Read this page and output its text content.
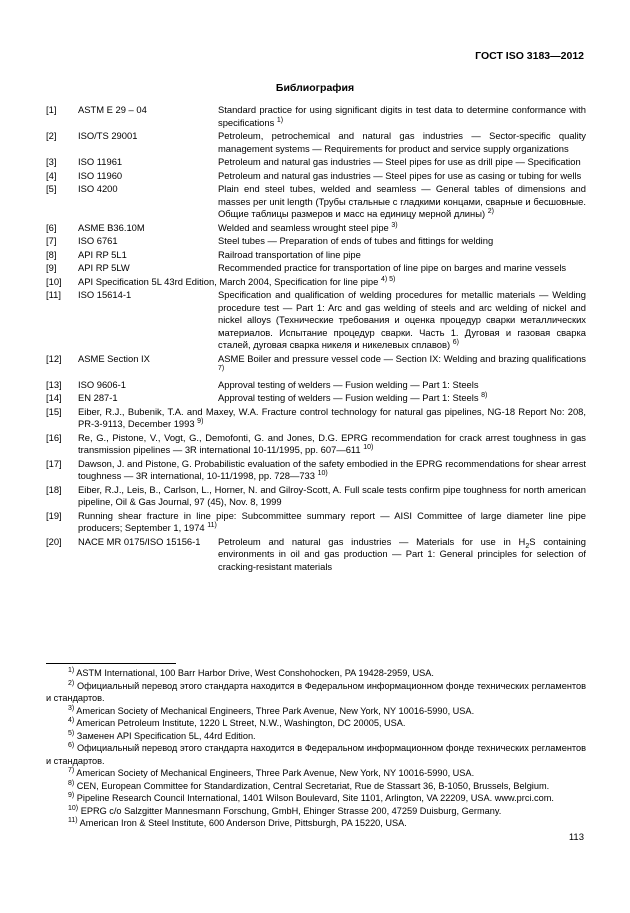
ГОСТ ISO 3183—2012
Библиография
[1]	ASTM E 29 – 04	Standard practice for using significant digits in test data to determine conformance with specifications $^{1)}$
[2]	ISO/TS 29001	Petroleum, petrochemical and natural gas industries — Sector-specific quality management systems — Requirements for product and service supply organizations
[3]	ISO 11961	Petroleum and natural gas industries — Steel pipes for use as drill pipe — Specification
[4]	ISO 11960	Petroleum and natural gas industries — Steel pipes for use as casing or tubing for wells
[5]	ISO 4200	Plain end steel tubes, welded and seamless — General tables of dimensions and masses per unit length (Трубы стальные с гладкими концами, сварные и бесшовные. Общие таблицы размеров и масс на единицу мерной длины) $^{2)}$
[6]	ASME B36.10M	Welded and seamless wrought steel pipe $^{3)}$
[7]	ISO 6761	Steel tubes — Preparation of ends of tubes and fittings for welding
[8]	API RP 5L1	Railroad transportation of line pipe
[9]	API RP 5LW	Recommended practice for transportation of line pipe on barges and marine vessels
[10]	API Specification 5L 43rd Edition, March 2004, Specification for line pipe $^{4) 5)}$
[11]	ISO 15614-1	Specification and qualification of welding procedures for metallic materials — Welding procedure test — Part 1: Arc and gas welding of steels and arc welding of nickel and nickel alloys (Технические требования и оценка процедур сварки металлических материалов. Испытание процедур сварки. Часть 1. Дуговая и газовая сварка сталей, дуговая сварка никеля и никелевых сплавов) $^{6)}$
[12]	ASME Section IX	ASME Boiler and pressure vessel code — Section IX: Welding and brazing qualifications $^{7)}$
[13]	ISO 9606-1	Approval testing of welders — Fusion welding — Part 1: Steels
[14]	EN 287-1	Approval testing of welders — Fusion welding — Part 1: Steels $^{8)}$
[15]	Eiber, R.J., Bubenik, T.A. and Maxey, W.A. Fracture control technology for natural gas pipelines, NG-18 Report No: 208, PR-3-9113, December 1993 $^{9)}$
[16]	Re, G., Pistone, V., Vogt, G., Demofonti, G. and Jones, D.G. EPRG recommendation for crack arrest toughness in gas transmission pipelines — 3R international 10-11/1995, pp. 607—611 $^{10)}$
[17]	Dawson, J. and Pistone, G. Probabilistic evaluation of the safety embodied in the EPRG recommendations for shear arrest toughness — 3R international, 10-11/1998, pp. 728—733 $^{10)}$
[18]	Eiber, R.J., Leis, B., Carlson, L., Horner, N. and Gilroy-Scott, A. Full scale tests confirm pipe toughness for north american pipeline, Oil & Gas Journal, 97 (45), Nov. 8, 1999
[19]	Running shear fracture in line pipe: Subcommittee summary report — AISI Committee of large diameter line pipe producers; September 1, 1974 $^{11)}$
[20]	NACE MR 0175/ISO 15156-1	Petroleum and natural gas industries — Materials for use in $H_2S$ containing environments in oil and gas production — Part 1: General principles for selection of cracking-resistant materials
$^{1)}$ ASTM International, 100 Barr Harbor Drive, West Conshohocken, PA 19428-2959, USA.
$^{2)}$ Официальный перевод этого стандарта находится в Федеральном информационном фонде технических регламентов и стандартов.
$^{3)}$ American Society of Mechanical Engineers, Three Park Avenue, New York, NY 10016-5990, USA.
$^{4)}$ American Petroleum Institute, 1220 L Street, N.W., Washington, DC 20005, USA.
$^{5)}$ Заменен API Specification 5L, 44rd Edition.
$^{6)}$ Официальный перевод этого стандарта находится в Федеральном информационном фонде технических регламентов и стандартов.
$^{7)}$ American Society of Mechanical Engineers, Three Park Avenue, New York, NY 10016-5990, USA.
$^{8)}$ CEN, European Committee for Standardization, Central Secretariat, Rue de Stassart 36, B-1050, Brussels, Belgium.
$^{9)}$ Pipeline Research Council International, 1401 Wilson Boulevard, Site 1101, Arlington, VA 22209, USA. www.prci.com.
$^{10)}$ EPRG c/o Salzgitter Mannesmann Forschung, GmbH, Ehinger Strasse 200, 47259 Duisburg, Germany.
$^{11)}$ American Iron & Steel Institute, 600 Anderson Drive, Pittsburgh, PA 15220, USA.
113
